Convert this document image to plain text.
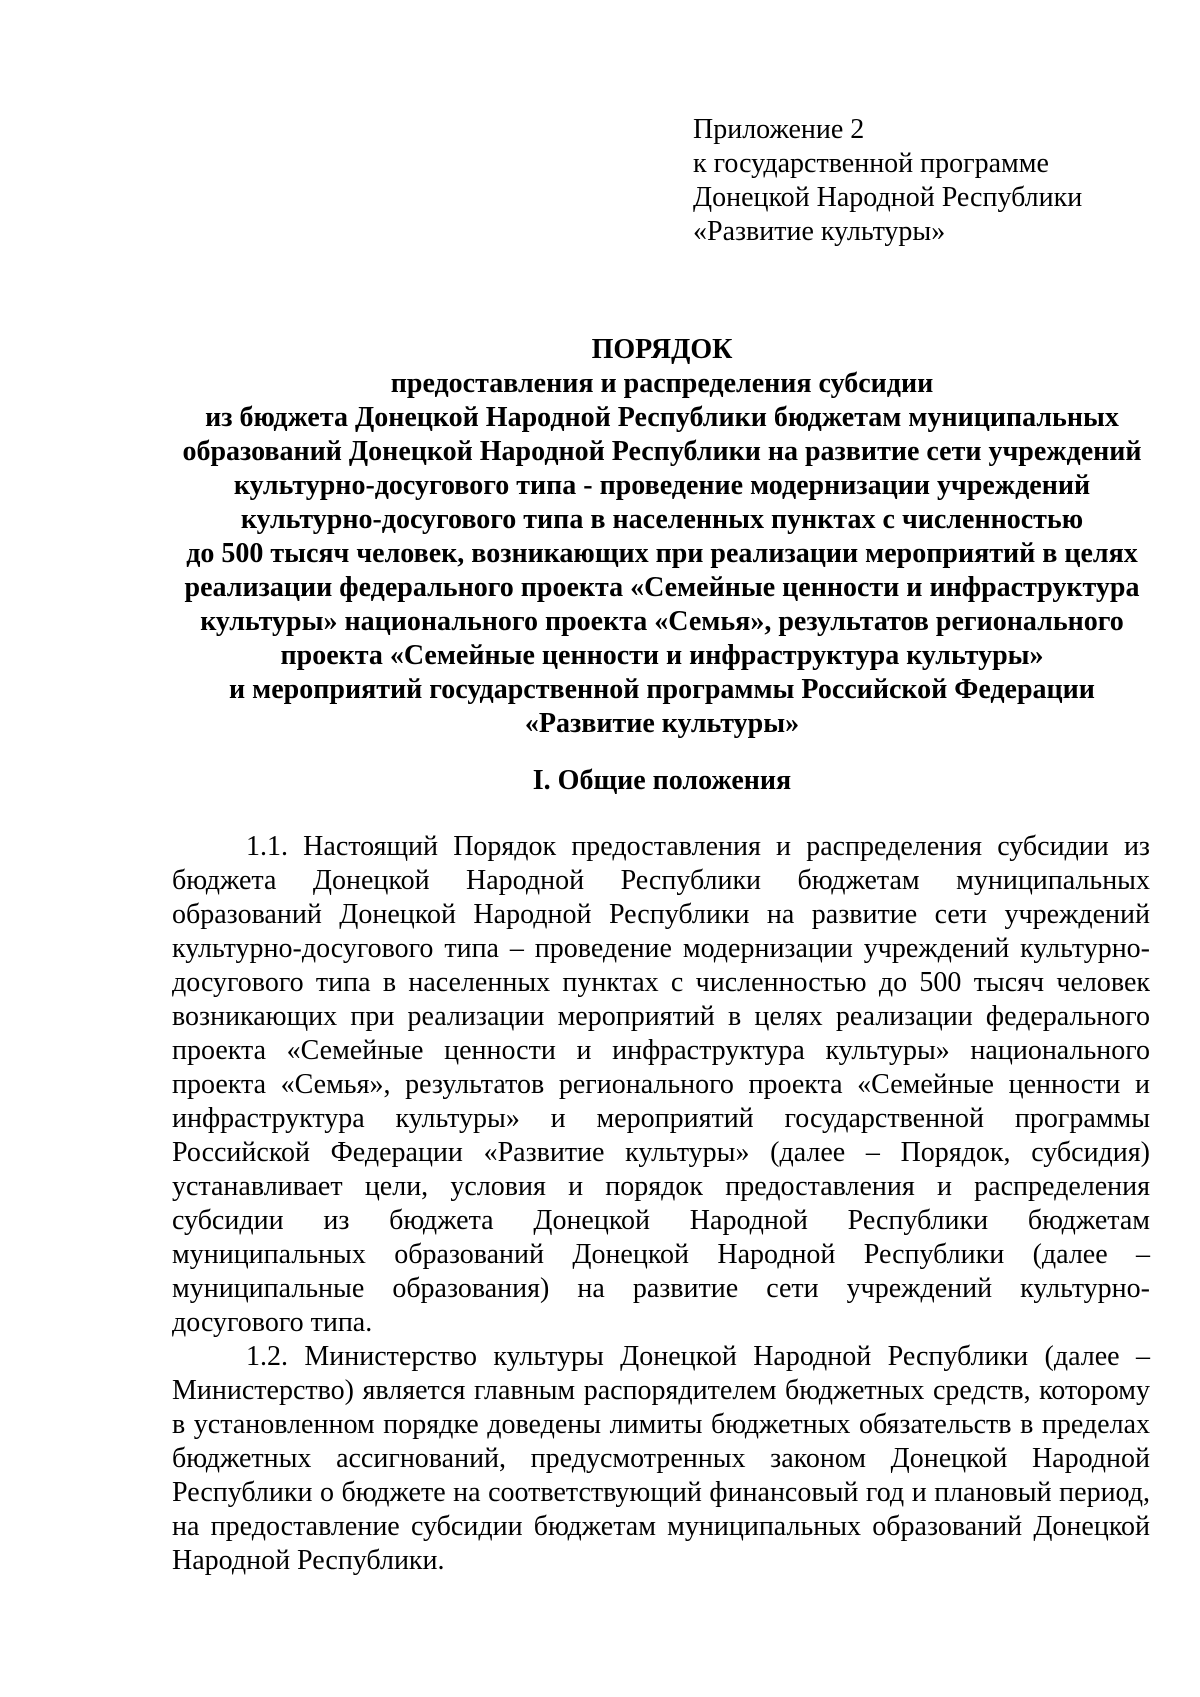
Приложение 2
к государственной программе
Донецкой Народной Республики
«Развитие культуры»
ПОРЯДОК
предоставления и распределения субсидии
из бюджета Донецкой Народной Республики бюджетам муниципальных
образований Донецкой Народной Республики на развитие сети учреждений
культурно-досугового типа - проведение модернизации учреждений
культурно-досугового типа в населенных пунктах с численностью
до 500 тысяч человек, возникающих при реализации мероприятий в целях
реализации федерального проекта «Семейные ценности и инфраструктура
культуры» национального проекта «Семья», результатов регионального
проекта «Семейные ценности и инфраструктура культуры»
и мероприятий государственной программы Российской Федерации
«Развитие культуры»
I. Общие положения

1.1. Настоящий Порядок предоставления и распределения субсидии из бюджета Донецкой Народной Республики бюджетам муниципальных образований Донецкой Народной Республики на развитие сети учреждений культурно-досугового типа – проведение модернизации учреждений культурно-досугового типа в населенных пунктах с численностью до 500 тысяч человек возникающих при реализации мероприятий в целях реализации федерального проекта «Семейные ценности и инфраструктура культуры» национального проекта «Семья», результатов регионального проекта «Семейные ценности и инфраструктура культуры» и мероприятий государственной программы Российской Федерации «Развитие культуры» (далее – Порядок, субсидия) устанавливает цели, условия и порядок предоставления и распределения субсидии из бюджета Донецкой Народной Республики бюджетам муниципальных образований Донецкой Народной Республики (далее – муниципальные образования) на развитие сети учреждений культурно-досугового типа.

1.2. Министерство культуры Донецкой Народной Республики (далее – Министерство) является главным распорядителем бюджетных средств, которому в установленном порядке доведены лимиты бюджетных обязательств в пределах бюджетных ассигнований, предусмотренных законом Донецкой Народной Республики о бюджете на соответствующий финансовый год и плановый период, на предоставление субсидии бюджетам муниципальных образований Донецкой Народной Республики.
